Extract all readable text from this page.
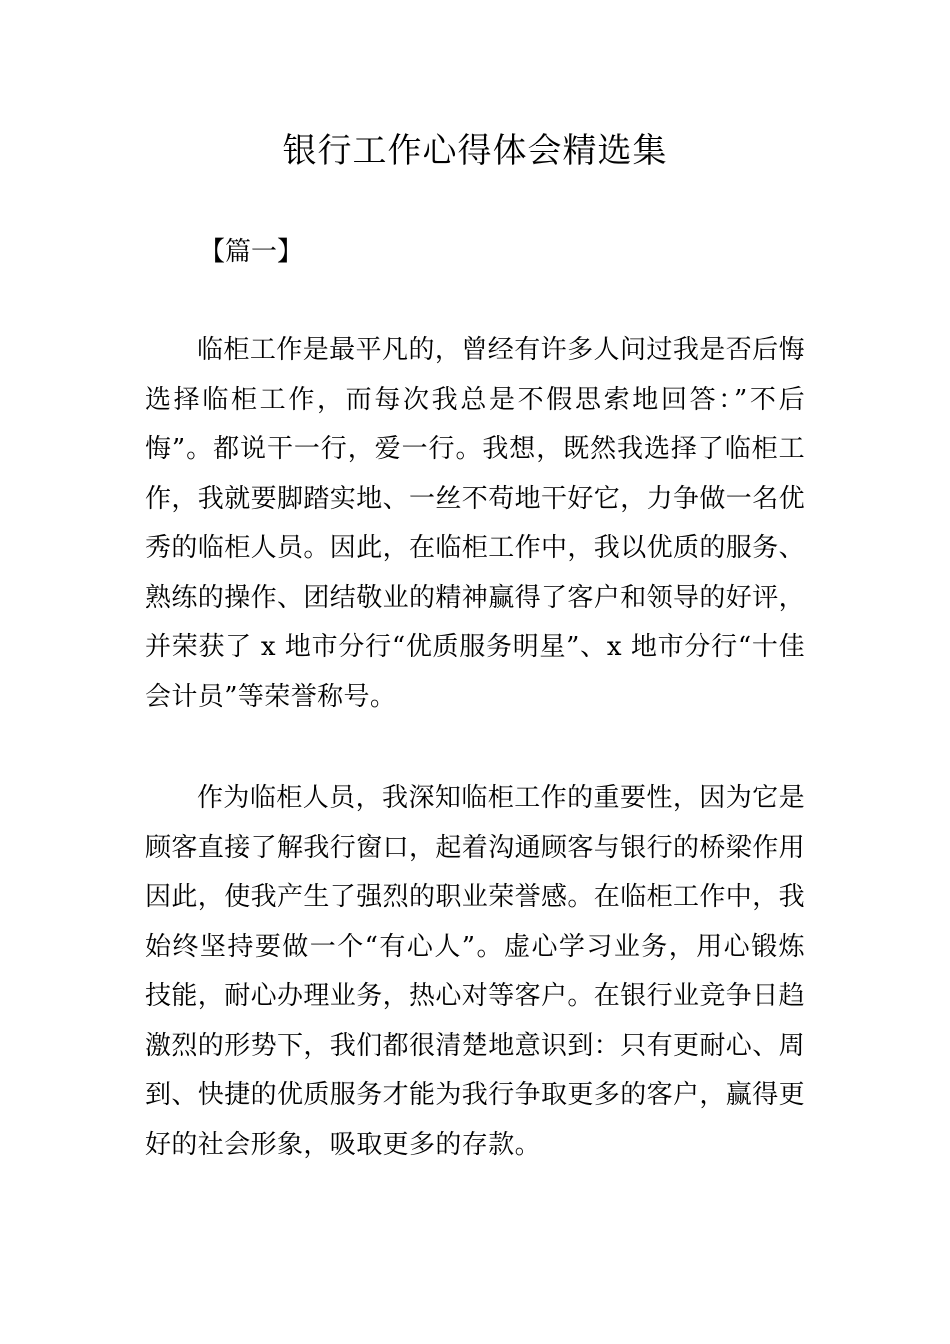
银行工作心得体会精选集
【篇一】

临柜工作是最平凡的，曾经有许多人问过我是否后悔选择临柜工作，而每次我总是不假思索地回答：”不后悔”。都说干一行，爱一行。我想，既然我选择了临柜工作，我就要脚踏实地、一丝不苟地干好它，力争做一名优秀的临柜人员。因此，在临柜工作中，我以优质的服务、熟练的操作、团结敬业的精神赢得了客户和领导的好评，并荣获了 x 地市分行“优质服务明星”、x 地市分行“十佳会计员”等荣誉称号。

作为临柜人员，我深知临柜工作的重要性，因为它是顾客直接了解我行窗口，起着沟通顾客与银行的桥梁作用因此，使我产生了强烈的职业荣誉感。在临柜工作中，我始终坚持要做一个“有心人”。虚心学习业务，用心锻炼技能，耐心办理业务，热心对等客户。在银行业竞争日趋激烈的形势下，我们都很清楚地意识到：只有更耐心、周到、快捷的优质服务才能为我行争取更多的客户，赢得更好的社会形象，吸取更多的存款。
